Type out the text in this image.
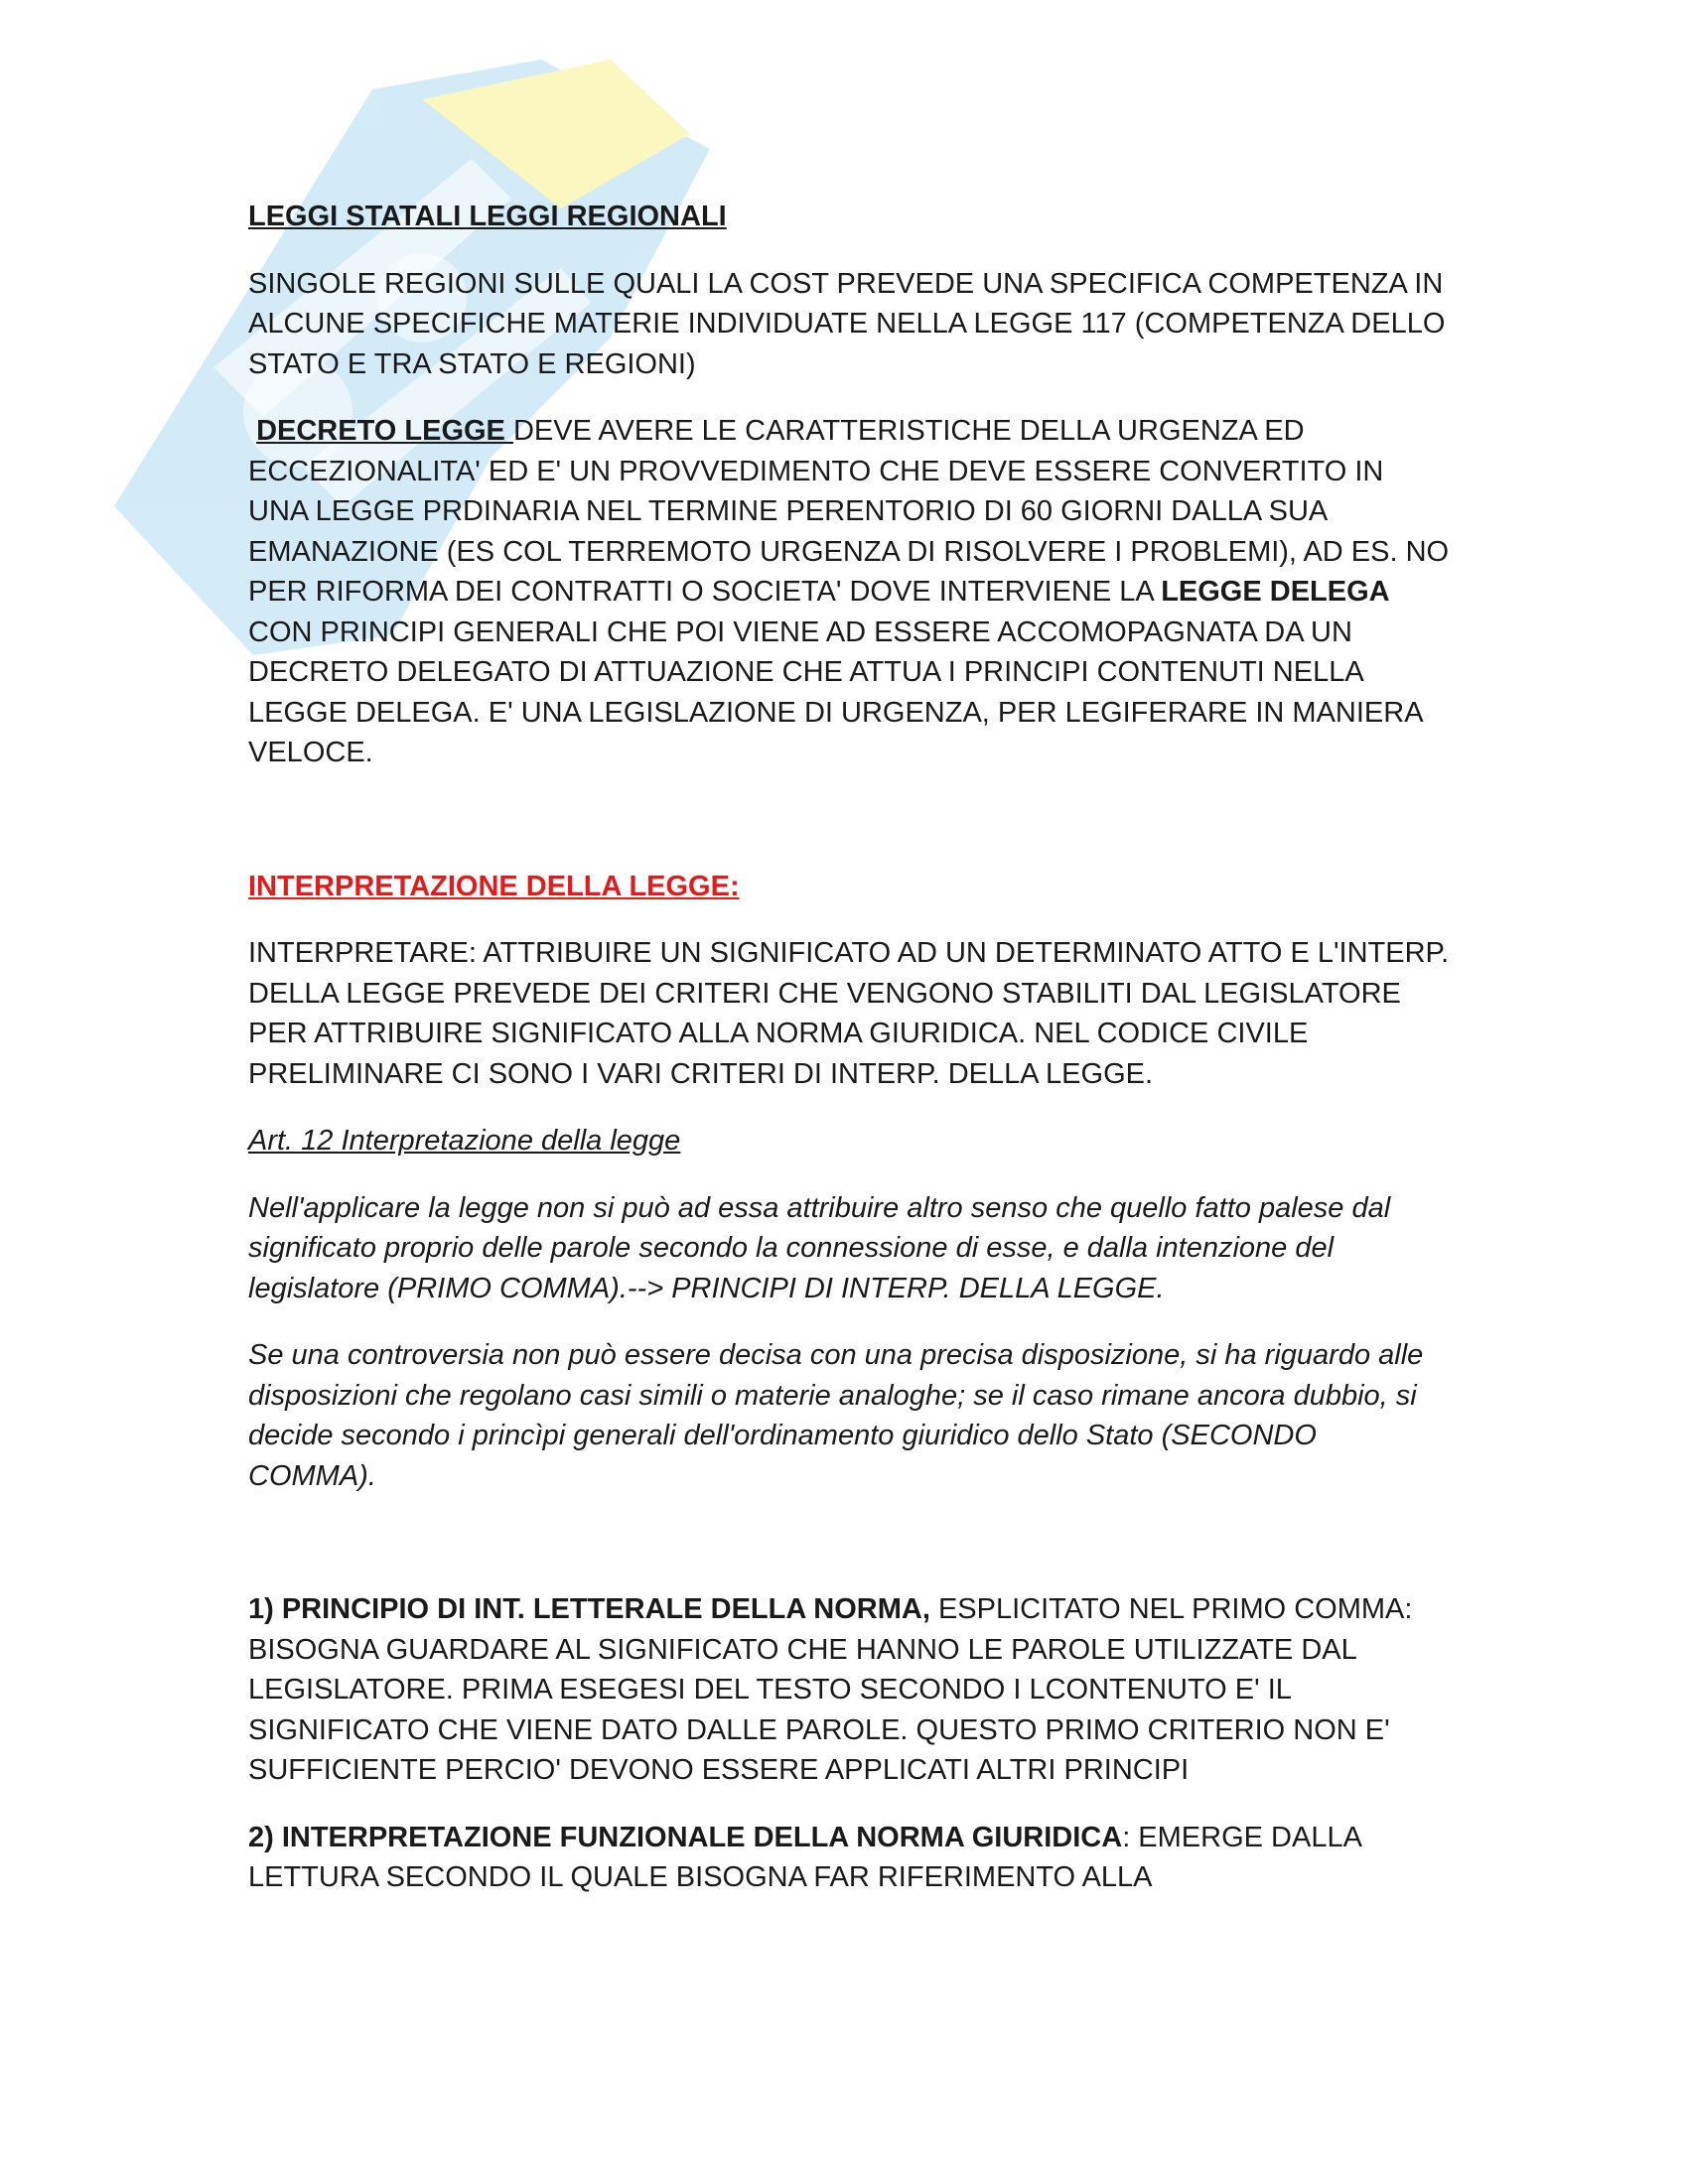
LEGGI STATALI LEGGI REGIONALI

SINGOLE REGIONI SULLE QUALI LA COST PREVEDE UNA SPECIFICA COMPETENZA IN ALCUNE SPECIFICHE MATERIE INDIVIDUATE NELLA LEGGE 117 (COMPETENZA DELLO STATO E TRA STATO E REGIONI)

DECRETO LEGGE DEVE AVERE LE CARATTERISTICHE DELLA URGENZA ED ECCEZIONALITA' ED E' UN PROVVEDIMENTO CHE DEVE ESSERE CONVERTITO IN UNA LEGGE PRDINARIA NEL TERMINE PERENTORIO DI 60 GIORNI DALLA SUA EMANAZIONE (ES COL TERREMOTO URGENZA DI RISOLVERE I PROBLEMI), AD ES. NO PER RIFORMA DEI CONTRATTI O SOCIETA' DOVE INTERVIENE LA LEGGE DELEGA CON PRINCIPI GENERALI CHE POI VIENE AD ESSERE ACCOMOPAGNATA DA UN DECRETO DELEGATO DI ATTUAZIONE CHE ATTUA I PRINCIPI CONTENUTI NELLA LEGGE DELEGA. E' UNA LEGISLAZIONE DI URGENZA, PER LEGIFERARE IN MANIERA VELOCE.

INTERPRETAZIONE DELLA LEGGE:

INTERPRETARE: ATTRIBUIRE UN SIGNIFICATO AD UN DETERMINATO ATTO E L'INTERP. DELLA LEGGE PREVEDE DEI CRITERI CHE VENGONO STABILITI DAL LEGISLATORE PER ATTRIBUIRE SIGNIFICATO ALLA NORMA GIURIDICA. NEL CODICE CIVILE PRELIMINARE CI SONO I VARI CRITERI DI INTERP. DELLA LEGGE.

Art. 12 Interpretazione della legge

Nell'applicare la legge non si può ad essa attribuire altro senso che quello fatto palese dal significato proprio delle parole secondo la connessione di esse, e dalla intenzione del legislatore (PRIMO COMMA).--> PRINCIPI DI INTERP. DELLA LEGGE.

Se una controversia non può essere decisa con una precisa disposizione, si ha riguardo alle disposizioni che regolano casi simili o materie analoghe; se il caso rimane ancora dubbio, si decide secondo i princìpi generali dell'ordinamento giuridico dello Stato (SECONDO COMMA).

1) PRINCIPIO DI INT. LETTERALE DELLA NORMA, ESPLICITATO NEL PRIMO COMMA: BISOGNA GUARDARE AL SIGNIFICATO CHE HANNO LE PAROLE UTILIZZATE DAL LEGISLATORE. PRIMA ESEGESI DEL TESTO SECONDO I LCONTENUTO E' IL SIGNIFICATO CHE VIENE DATO DALLE PAROLE. QUESTO PRIMO CRITERIO NON E' SUFFICIENTE PERCIO' DEVONO ESSERE APPLICATI ALTRI PRINCIPI

2) INTERPRETAZIONE FUNZIONALE DELLA NORMA GIURIDICA: EMERGE DALLA LETTURA SECONDO IL QUALE BISOGNA FAR RIFERIMENTO ALLA
